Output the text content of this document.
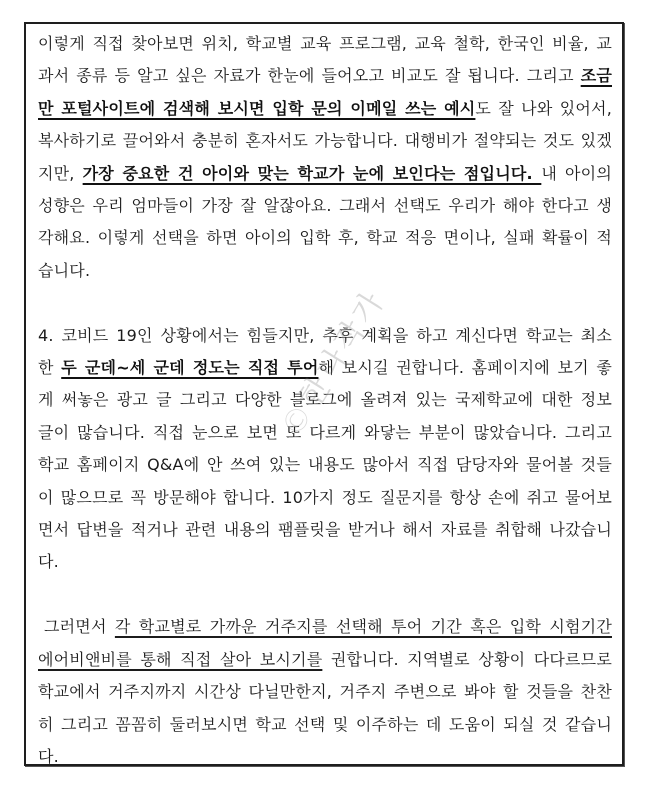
이렇게 직접 찾아보면 위치, 학교별 교육 프로그램, 교육 철학, 한국인 비율, 교과서 종류 등 알고 싶은 자료가 한눈에 들어오고 비교도 잘 됩니다. 그리고 조금만 포털사이트에 검색해 보시면 입학 문의 이메일 쓰는 예시도 잘 나와 있어서, 복사하기로 끌어와서 충분히 혼자서도 가능합니다. 대행비가 절약되는 것도 있겠지만, 가장 중요한 건 아이와 맞는 학교가 눈에 보인다는 점입니다. 내 아이의 성향은 우리 엄마들이 가장 잘 알잖아요. 그래서 선택도 우리가 해야 한다고 생각해요. 이렇게 선택을 하면 아이의 입학 후, 학교 적응 면이나, 실패 확률이 적습니다.

4. 코비드 19인 상황에서는 힘들지만, 추후 계획을 하고 계신다면 학교는 최소한 두 군데~세 군데 정도는 직접 투어해 보시길 권합니다. 홈페이지에 보기 좋게 써놓은 광고 글 그리고 다양한 블로그에 올려져 있는 국제학교에 대한 정보 글이 많습니다. 직접 눈으로 보면 또 다르게 와닿는 부분이 많았습니다. 그리고 학교 홈페이지 Q&A에 안 쓰여 있는 내용도 많아서 직접 담당자와 물어볼 것들이 많으므로 꼭 방문해야 합니다. 10가지 정도 질문지를 항상 손에 쥐고 물어보면서 답변을 적거나 관련 내용의 팸플릿을 받거나 해서 자료를 취합해 나갔습니다.

그러면서 각 학교별로 가까운 거주지를 선택해 투어 기간 혹은 입학 시험기간 에어비앤비를 통해 직접 살아 보시기를 권합니다. 지역별로 상황이 다다르므로 학교에서 거주지까지 시간상 다닐만한지, 거주지 주변으로 봐야 할 것들을 찬찬히 그리고 꼼꼼히 둘러보시면 학교 선택 및 이주하는 데 도움이 되실 것 같습니다.

©한나작가
